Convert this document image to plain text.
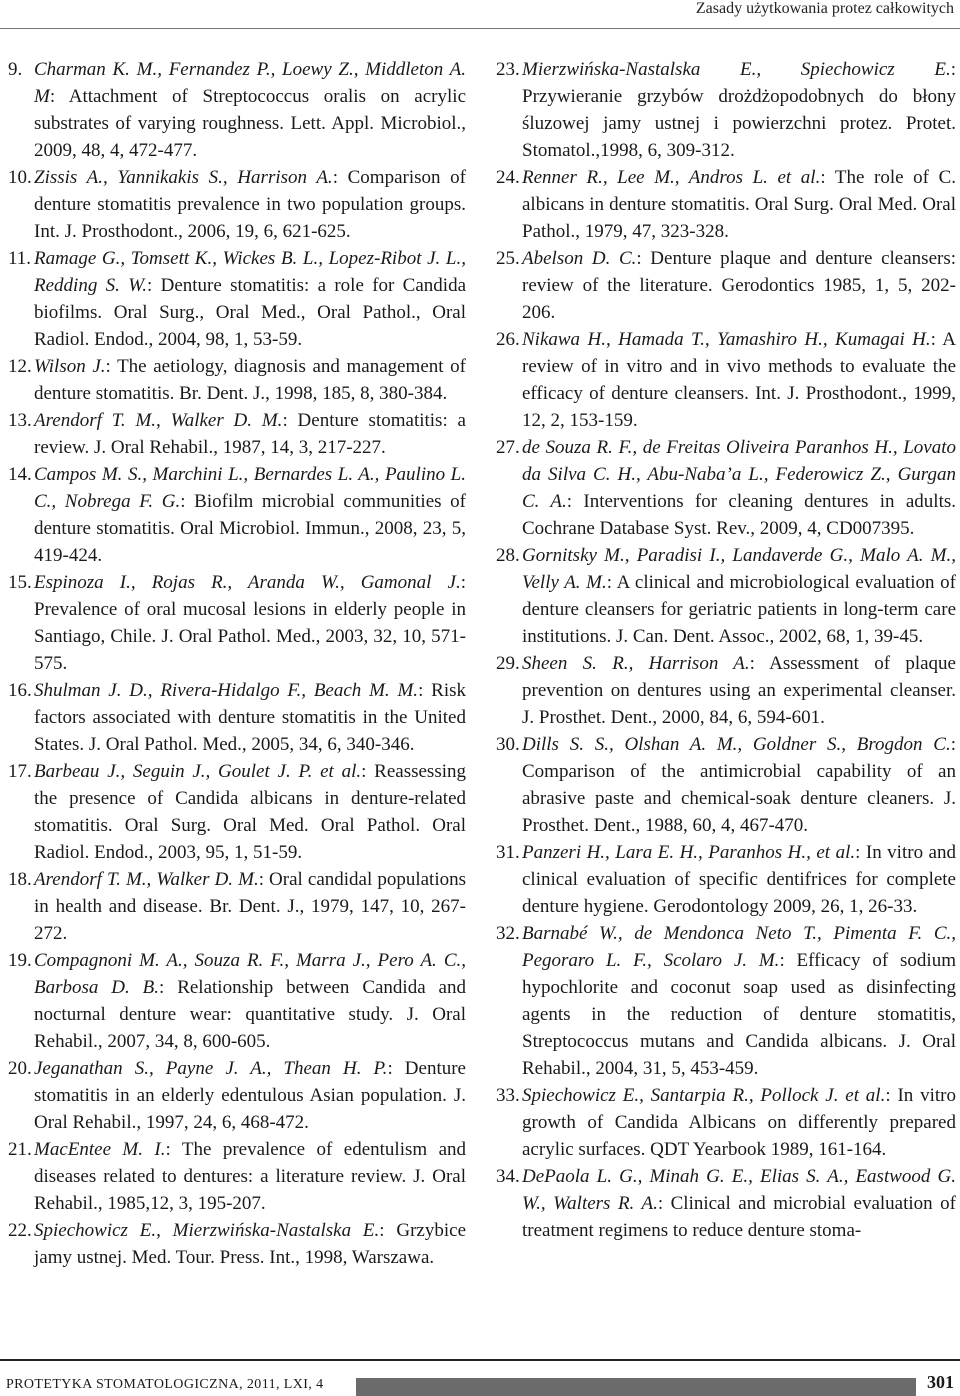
Zasady użytkowania protez całkowitych

9. Charman K. M., Fernandez P., Loewy Z., Middleton A. M: Attachment of Streptococcus oralis on acrylic substrates of varying roughness. Lett. Appl. Microbiol., 2009, 48, 4, 472-477.

10. Zissis A., Yannikakis S., Harrison A.: Comparison of denture stomatitis prevalence in two population groups. Int. J. Prosthodont., 2006, 19, 6, 621-625.

11. Ramage G., Tomsett K., Wickes B. L., Lopez-Ribot J. L., Redding S. W.: Denture stomatitis: a role for Candida biofilms. Oral Surg., Oral Med., Oral Pathol., Oral Radiol. Endod., 2004, 98, 1, 53-59.

12. Wilson J.: The aetiology, diagnosis and management of denture stomatitis. Br. Dent. J., 1998, 185, 8, 380-384.

13. Arendorf T. M., Walker D. M.: Denture stomatitis: a review. J. Oral Rehabil., 1987, 14, 3, 217-227.

14. Campos M. S., Marchini L., Bernardes L. A., Paulino L. C., Nobrega F. G.: Biofilm microbial communities of denture stomatitis. Oral Microbiol. Immun., 2008, 23, 5, 419-424.

15. Espinoza I., Rojas R., Aranda W., Gamonal J.: Prevalence of oral mucosal lesions in elderly people in Santiago, Chile. J. Oral Pathol. Med., 2003, 32, 10, 571-575.

16. Shulman J. D., Rivera-Hidalgo F., Beach M. M.: Risk factors associated with denture stomatitis in the United States. J. Oral Pathol. Med., 2005, 34, 6, 340-346.

17. Barbeau J., Seguin J., Goulet J. P. et al.: Reassessing the presence of Candida albicans in denture-related stomatitis. Oral Surg. Oral Med. Oral Pathol. Oral Radiol. Endod., 2003, 95, 1, 51-59.

18. Arendorf T. M., Walker D. M.: Oral candidal populations in health and disease. Br. Dent. J., 1979, 147, 10, 267-272.

19. Compagnoni M. A., Souza R. F., Marra J., Pero A. C., Barbosa D. B.: Relationship between Candida and nocturnal denture wear: quantitative study. J. Oral Rehabil., 2007, 34, 8, 600-605.

20. Jeganathan S., Payne J. A., Thean H. P.: Denture stomatitis in an elderly edentulous Asian population. J. Oral Rehabil., 1997, 24, 6, 468-472.

21. MacEntee M. I.: The prevalence of edentulism and diseases related to dentures: a literature review. J. Oral Rehabil., 1985,12, 3, 195-207.

22. Spiechowicz E., Mierzwińska-Nastalska E.: Grzybice jamy ustnej. Med. Tour. Press. Int., 1998, Warszawa.

23. Mierzwińska-Nastalska E., Spiechowicz E.: Przywieranie grzybów drożdżopodobnych do błony śluzowej jamy ustnej i powierzchni protez. Protet. Stomatol.,1998, 6, 309-312.

24. Renner R., Lee M., Andros L. et al.: The role of C. albicans in denture stomatitis. Oral Surg. Oral Med. Oral Pathol., 1979, 47, 323-328.

25. Abelson D. C.: Denture plaque and denture cleansers: review of the literature. Gerodontics 1985, 1, 5, 202-206.

26. Nikawa H., Hamada T., Yamashiro H., Kumagai H.: A review of in vitro and in vivo methods to evaluate the efficacy of denture cleansers. Int. J. Prosthodont., 1999, 12, 2, 153-159.

27. de Souza R. F., de Freitas Oliveira Paranhos H., Lovato da Silva C. H., Abu-Naba’a L., Federowicz Z., Gurgan C. A.: Interventions for cleaning dentures in adults. Cochrane Database Syst. Rev., 2009, 4, CD007395.

28. Gornitsky M., Paradisi I., Landaverde G., Malo A. M., Velly A. M.: A clinical and microbiological evaluation of denture cleansers for geriatric patients in long-term care institutions. J. Can. Dent. Assoc., 2002, 68, 1, 39-45.

29. Sheen S. R., Harrison A.: Assessment of plaque prevention on dentures using an experimental cleanser. J. Prosthet. Dent., 2000, 84, 6, 594-601.

30. Dills S. S., Olshan A. M., Goldner S., Brogdon C.: Comparison of the antimicrobial capability of an abrasive paste and chemical-soak denture cleaners. J. Prosthet. Dent., 1988, 60, 4, 467-470.

31. Panzeri H., Lara E. H., Paranhos H., et al.: In vitro and clinical evaluation of specific dentifrices for complete denture hygiene. Gerodontology 2009, 26, 1, 26-33.

32. Barnabé W., de Mendonca Neto T., Pimenta F. C., Pegoraro L. F., Scolaro J. M.: Efficacy of sodium hypochlorite and coconut soap used as disinfecting agents in the reduction of denture stomatitis, Streptococcus mutans and Candida albicans. J. Oral Rehabil., 2004, 31, 5, 453-459.

33. Spiechowicz E., Santarpia R., Pollock J. et al.: In vitro growth of Candida Albicans on differently prepared acrylic surfaces. QDT Yearbook 1989, 161-164.

34. DePaola L. G., Minah G. E., Elias S. A., Eastwood G. W., Walters R. A.: Clinical and microbial evaluation of treatment regimens to reduce denture stoma-

PROTETYKA STOMATOLOGICZNA, 2011, LXI, 4	301
